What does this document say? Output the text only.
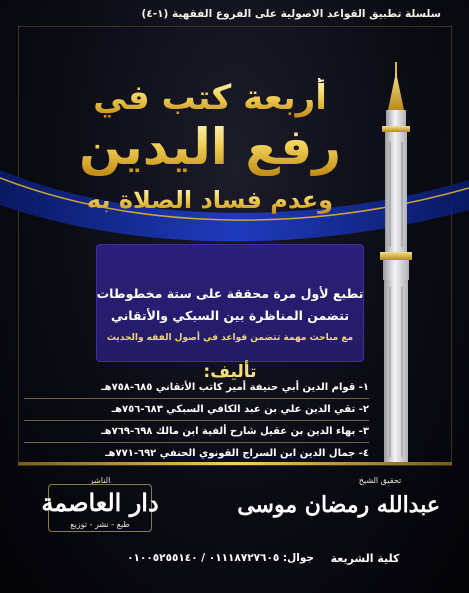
سلسلة تطبيق القواعد الاصولية على الفروع الفقهية (١-٤)
أربعة كتب في
رفع اليدين
وعدم فساد الصلاة به
تطبع لأول مرة محققة على ستة مخطوطات
تتضمن المناظرة بين السبكي والأتقاني
مع مباحث مهمة تتضمن قواعد في أصول الفقه والحديث
تأليف:
١- قوام الدين أبي حنيفة أمير كاتب الأتقاني ٦٨٥-٧٥٨هـ
٢- تقي الدين علي بن عبد الكافي السبكي ٦٨٣-٧٥٦هـ
٣- بهاء الدين بن عقيل شارح ألفية ابن مالك ٦٩٨-٧٦٩هـ
٤- جمال الدين ابن السراج القونوي الحنفي ٦٩٢-٧٧١هـ
تحقيق الشيخ
عبدالله رمضان موسى
كلية الشريعة
الناشر
دار العاصمة
طبع - نشر - توزيع
جوال: ٠١١١٨٧٢٧٦٠٥ / ٠١٠٠٥٢٥٥١٤٠
